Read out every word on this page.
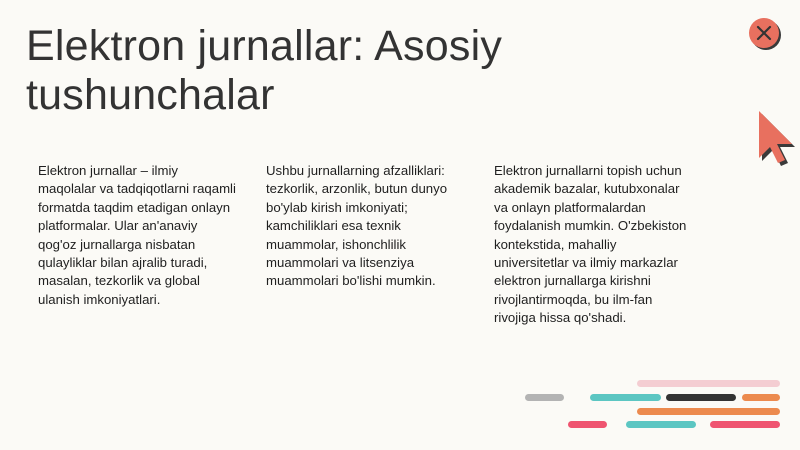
Elektron jurnallar: Asosiy tushunchalar

Elektron jurnallar – ilmiy maqolalar va tadqiqotlarni raqamli formatda taqdim etadigan onlayn platformalar. Ular an'anaviy qog'oz jurnallarga nisbatan qulayliklar bilan ajralib turadi, masalan, tezkorlik va global ulanish imkoniyatlari.

Ushbu jurnallarning afzalliklari: tezkorlik, arzonlik, butun dunyo bo'ylab kirish imkoniyati; kamchiliklari esa texnik muammolar, ishonchlilik muammolari va litsenziya muammolari bo'lishi mumkin.

Elektron jurnallarni topish uchun akademik bazalar, kutubxonalar va onlayn platformalardan foydalanish mumkin. O'zbekiston kontekstida, mahalliy universitetlar va ilmiy markazlar elektron jurnallarga kirishni rivojlantirmoqda, bu ilm-fan rivojiga hissa qo'shadi.
